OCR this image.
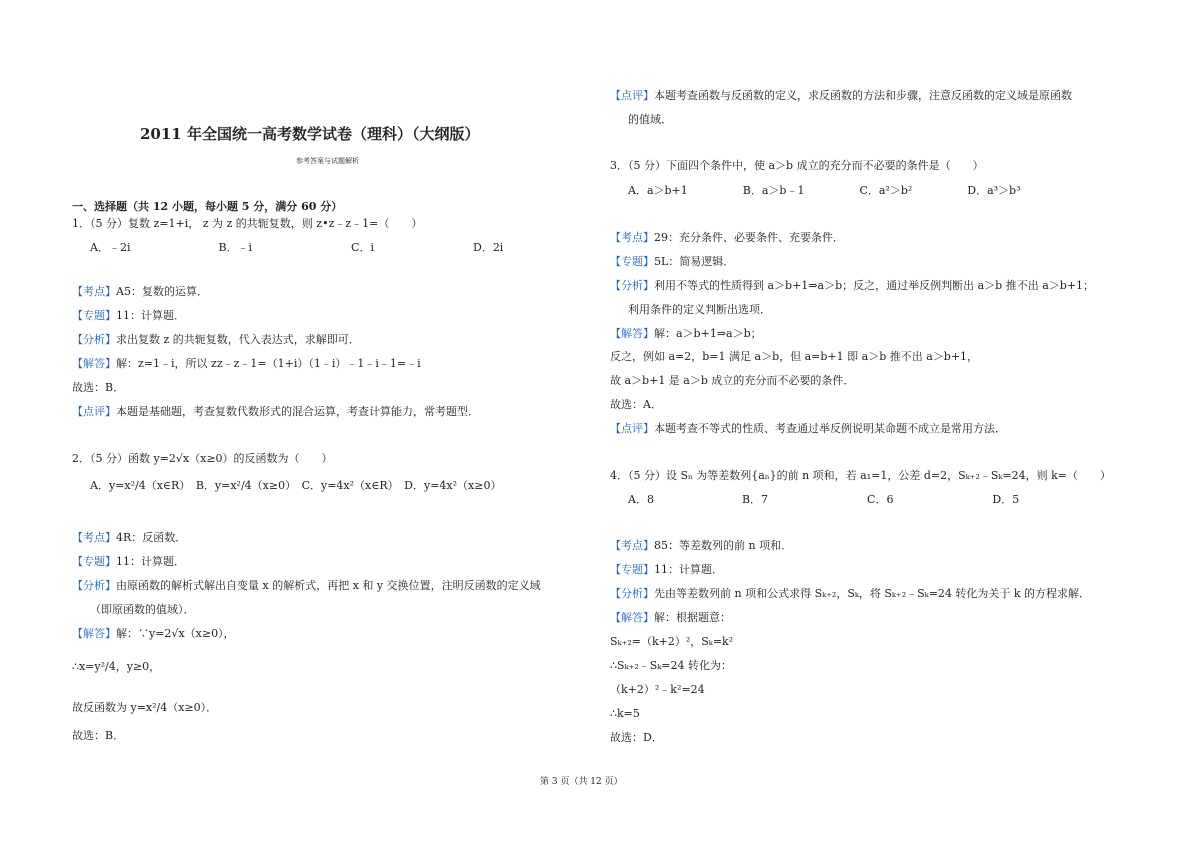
2011 年全国统一高考数学试卷（理科）（大纲版）
参考答案与试题解析
一、选择题（共 12 小题，每小题 5 分，满分 60 分）
1．（5 分）复数 z=1+i， z 为 z 的共轭复数，则 z•z﹣z﹣1=（　　）
A．﹣2i　　　　　　　　B．﹣i　　　　　　　　　C．i　　　　　　　　　D．2i
【考点】A5：复数的运算．
【专题】11：计算题．
【分析】求出复数 z 的共轭复数，代入表达式，求解即可．
【解答】解：z=1﹣i，所以 zz﹣z﹣1=（1+i）（1﹣i）﹣1﹣i﹣1=﹣i
故选：B．
【点评】本题是基础题，考查复数代数形式的混合运算，考查计算能力，常考题型．
2．（5 分）函数 y=2√x（x≥0）的反函数为（　　）
A．y=x²/4（x∈R）　B．y=x²/4（x≥0）　C．y=4x²（x∈R）　D．y=4x²（x≥0）
【考点】4R：反函数．
【专题】11：计算题．
【分析】由原函数的解析式解出自变量 x 的解析式，再把 x 和 y 交换位置，注明反函数的定义域
（即原函数的值域）．
【解答】解：∵y=2√x（x≥0），
∴x=y²/4，y≥0，
故反函数为 y=x²/4（x≥0）．
故选：B．
【点评】本题考查函数与反函数的定义，求反函数的方法和步骤，注意反函数的定义域是原函数
的值域．
3．（5 分）下面四个条件中，使 a＞b 成立的充分而不必要的条件是（　　）
A．a＞b+1　　　　　B．a＞b﹣1　　　　　C．a²＞b²　　　　　D．a³＞b³
【考点】29：充分条件、必要条件、充要条件．
【专题】5L：简易逻辑．
【分析】利用不等式的性质得到 a＞b+1⇒a＞b；反之，通过举反例判断出 a＞b 推不出 a＞b+1；
利用条件的定义判断出选项．
【解答】解：a＞b+1⇒a＞b；
反之，例如 a=2，b=1 满足 a＞b，但 a=b+1 即 a＞b 推不出 a＞b+1，
故 a＞b+1 是 a＞b 成立的充分而不必要的条件．
故选：A．
【点评】本题考查不等式的性质、考查通过举反例说明某命题不成立是常用方法．
4．（5 分）设 Sₙ 为等差数列{aₙ}的前 n 项和，若 a₁=1，公差 d=2，Sₖ₊₂﹣Sₖ=24，则 k=（　　）
A．8　　　　　　　　B．7　　　　　　　　　C．6　　　　　　　　　D．5
【考点】85：等差数列的前 n 项和．
【专题】11：计算题．
【分析】先由等差数列前 n 项和公式求得 Sₖ₊₂，Sₖ，将 Sₖ₊₂﹣Sₖ=24 转化为关于 k 的方程求解．
【解答】解：根据题意：
Sₖ₊₂=（k+2）²，Sₖ=k²
∴Sₖ₊₂﹣Sₖ=24 转化为：
（k+2）²﹣k²=24
∴k=5
故选：D．
第 3 页（共 12 页）
